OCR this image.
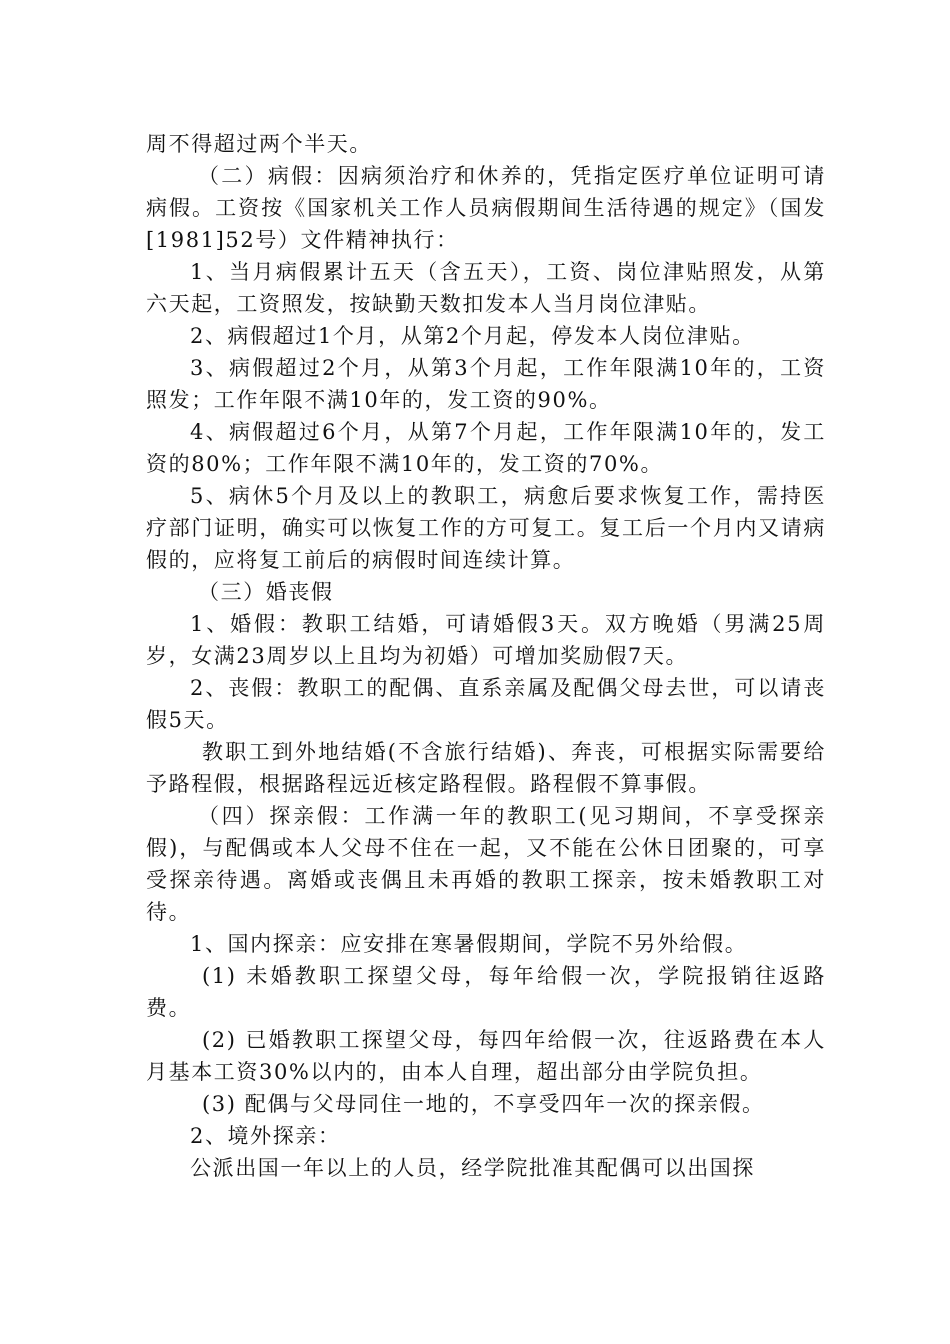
周不得超过两个半天。

（二）病假：因病须治疗和休养的，凭指定医疗单位证明可请病假。工资按《国家机关工作人员病假期间生活待遇的规定》（国发[1981]52号）文件精神执行：

1、当月病假累计五天（含五天），工资、岗位津贴照发，从第六天起，工资照发，按缺勤天数扣发本人当月岗位津贴。

2、病假超过1个月，从第2个月起，停发本人岗位津贴。

3、病假超过2个月，从第3个月起，工作年限满10年的，工资照发；工作年限不满10年的，发工资的90%。

4、病假超过6个月，从第7个月起，工作年限满10年的，发工资的80%；工作年限不满10年的，发工资的70%。

5、病休5个月及以上的教职工，病愈后要求恢复工作，需持医疗部门证明，确实可以恢复工作的方可复工。复工后一个月内又请病假的，应将复工前后的病假时间连续计算。

（三）婚丧假

1、婚假：教职工结婚，可请婚假3天。双方晚婚（男满25周岁，女满23周岁以上且均为初婚）可增加奖励假7天。

2、丧假：教职工的配偶、直系亲属及配偶父母去世，可以请丧假5天。

教职工到外地结婚(不含旅行结婚)、奔丧，可根据实际需要给予路程假，根据路程远近核定路程假。路程假不算事假。

（四）探亲假：工作满一年的教职工(见习期间，不享受探亲假)，与配偶或本人父母不住在一起，又不能在公休日团聚的，可享受探亲待遇。离婚或丧偶且未再婚的教职工探亲，按未婚教职工对待。

1、国内探亲：应安排在寒暑假期间，学院不另外给假。

(1) 未婚教职工探望父母，每年给假一次，学院报销往返路费。

(2) 已婚教职工探望父母，每四年给假一次，往返路费在本人月基本工资30%以内的，由本人自理，超出部分由学院负担。

(3) 配偶与父母同住一地的，不享受四年一次的探亲假。

2、境外探亲：

公派出国一年以上的人员，经学院批准其配偶可以出国探
